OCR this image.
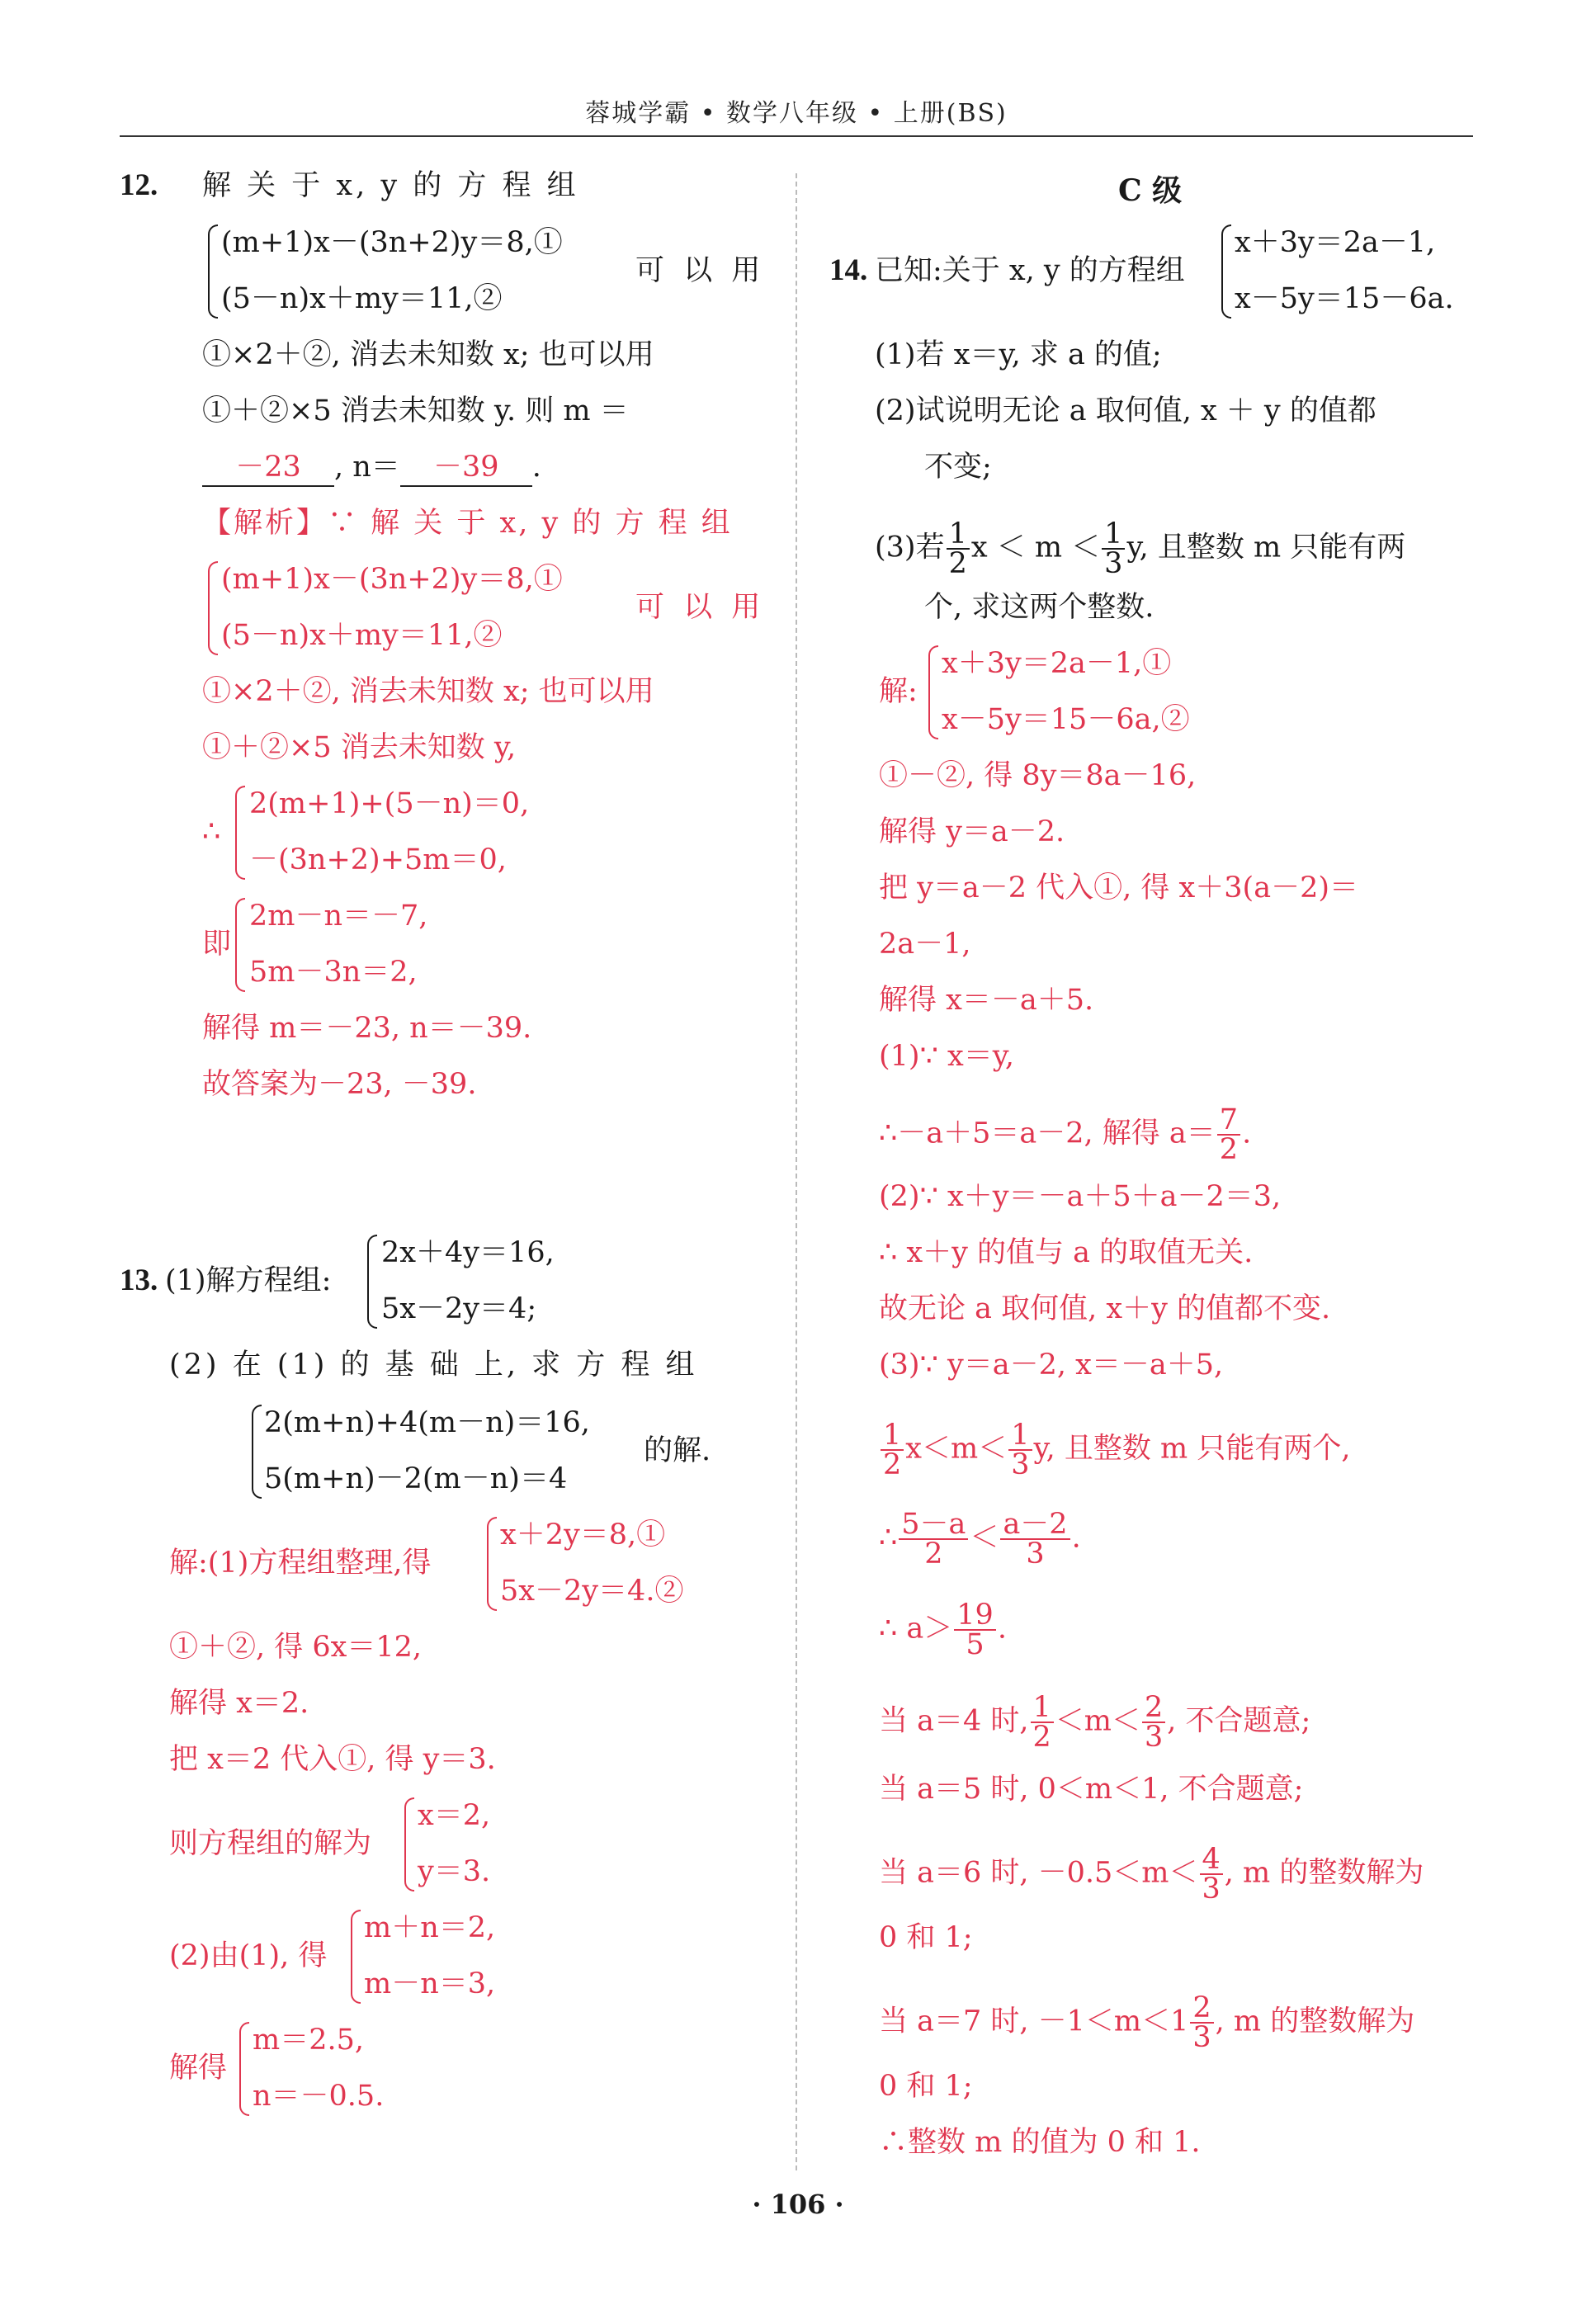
蓉城学霸 • 数学八年级 • 上册(BS)
12. 解 关 于 x, y 的 方 程 组
(m+1)x－(3n+2)y＝8,①
(5－n)x＋my＝11,②
可 以 用
①×2＋②, 消去未知数 x; 也可以用
①＋②×5 消去未知数 y. 则 m ＝
－23 , n＝ －39 .
【解析】∵ 解 关 于 x, y 的 方 程 组
(m+1)x－(3n+2)y＝8,①
(5－n)x＋my＝11,②
可 以 用
①×2＋②, 消去未知数 x; 也可以用
①＋②×5 消去未知数 y,
∴
2(m+1)+(5－n)＝0,
－(3n+2)+5m＝0,
即
2m－n＝－7,
5m－3n＝2,
解得 m＝－23, n＝－39.
故答案为－23, －39.
13. (1)解方程组:
2x＋4y＝16,
5x－2y＝4;
(2) 在 (1) 的 基 础 上, 求 方 程 组
2(m+n)+4(m－n)＝16,
5(m+n)－2(m－n)＝4
的解.
解:(1)方程组整理,得
x＋2y＝8,①
5x－2y＝4.②
①＋②, 得 6x＝12,
解得 x＝2.
把 x＝2 代入①, 得 y＝3.
则方程组的解为
x＝2,
y＝3.
(2)由(1), 得
m＋n＝2,
m－n＝3,
解得
m＝2.5,
n＝－0.5.
C 级
14. 已知:关于 x, y 的方程组
x＋3y＝2a－1,
x－5y＝15－6a.
(1)若 x＝y, 求 a 的值;
(2)试说明无论 a 取何值, x ＋ y 的值都
不变;
(3)若 $\frac{1}{2}$ $x < m < \frac{1}{3} y$, 且整数 m 只能有两
个, 求这两个整数.
解:
x＋3y＝2a－1,①
x－5y＝15－6a,②
①－②, 得 8y＝8a－16,
解得 y＝a－2.
把 y＝a－2 代入①, 得 x＋3(a－2)＝
2a－1,
解得 x＝－a＋5.
(1)∵ x＝y,
∴－a＋5＝a－2, 解得 $a= \frac{7}{2}$ .
(2)∵ x＋y＝－a＋5＋a－2＝3,
∴ x＋y 的值与 a 的取值无关.
故无论 a 取何值, x＋y 的值都不变.
(3)∵ y＝a－2, x＝－a＋5,
$\frac{1}{2} x<m< \frac{1}{3} y$, 且整数 m 只能有两个,
∴ $\frac{5-a}{2} < \frac{a-2}{3}$ .
∴ $a> \frac{19}{5}$ .
当 a＝4 时, $\frac{1}{2} <m< \frac{2}{3}$ , 不合题意;
当 a＝5 时, 0＜m＜1, 不合题意;
当 a＝6 时, $-0.5<m< \frac{4}{3}$ , m 的整数解为
0 和 1;
当 a＝7 时, $-1<m<1 \frac{2}{3}$ , m 的整数解为
0 和 1;
∴整数 m 的值为 0 和 1.
· 106 ·
